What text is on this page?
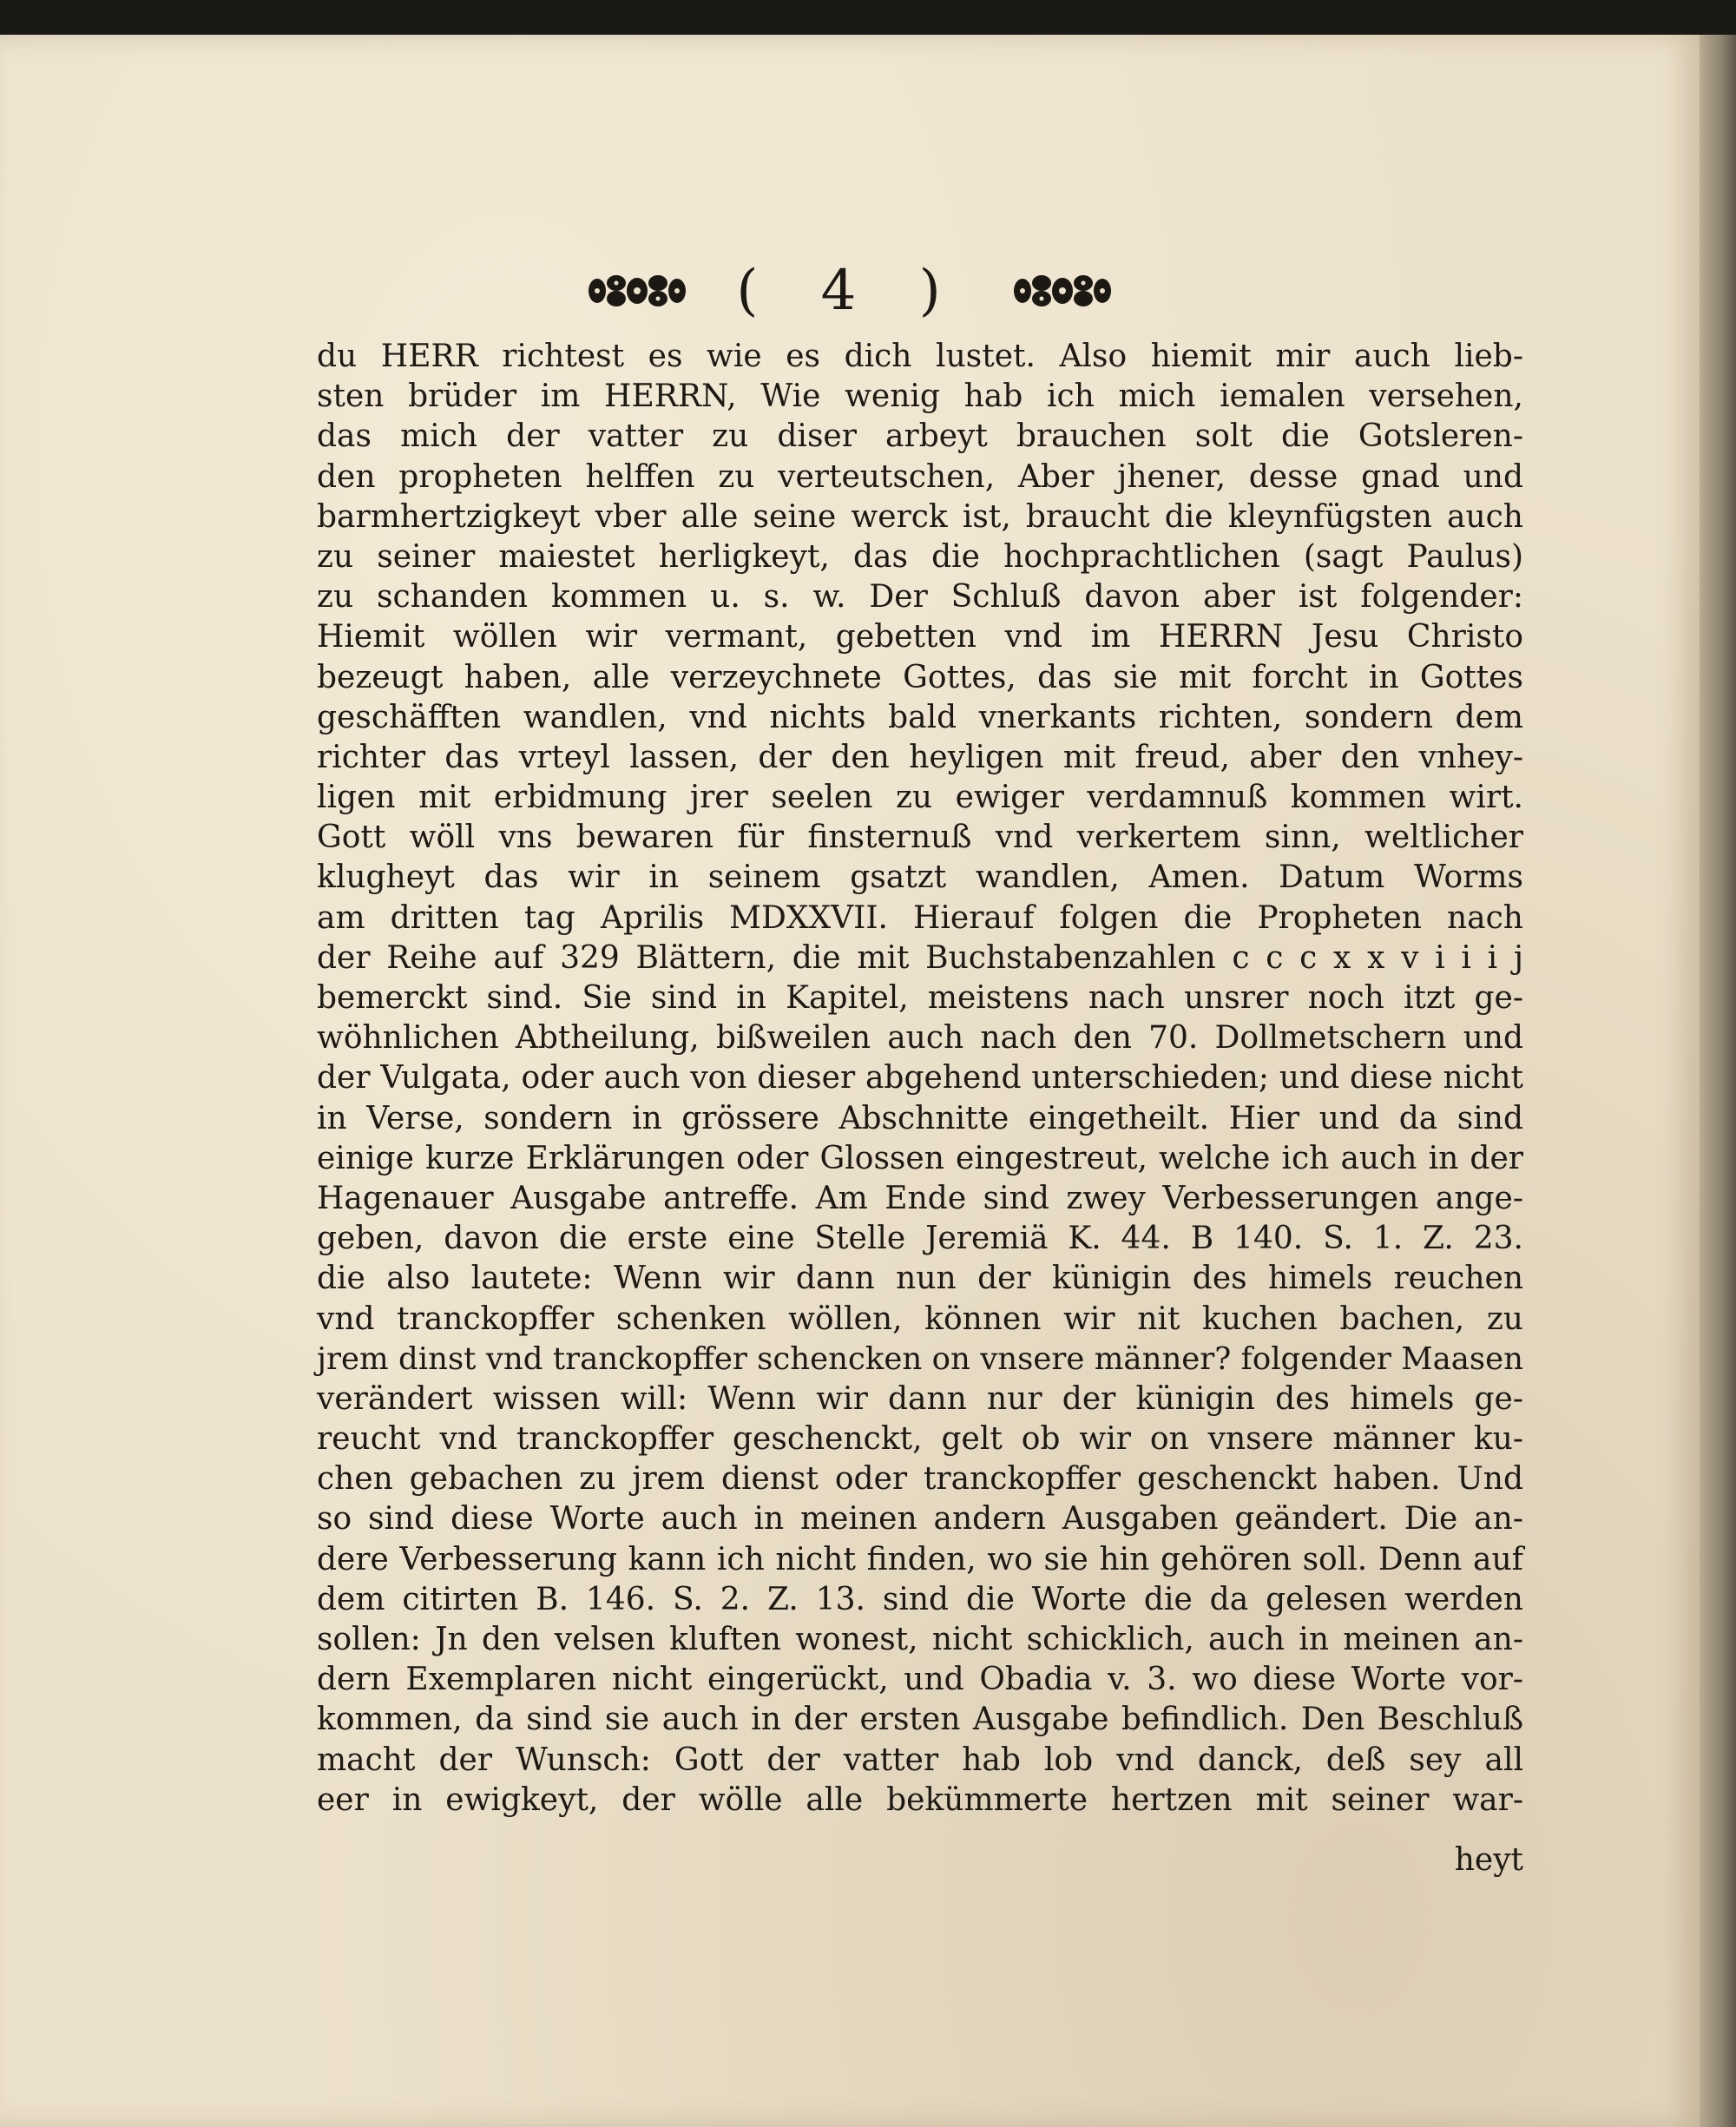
( 4 )
du HERR richtest es wie es dich lustet. Also hiemit mir auch lieb-
sten brüder im HERRN, Wie wenig hab ich mich iemalen versehen,
das mich der vatter zu diser arbeyt brauchen solt die Gotsleren-
den propheten helffen zu verteutschen, Aber jhener, desse gnad und
barmhertzigkeyt vber alle seine werck ist, braucht die kleynfügsten auch
zu seiner maiestet herligkeyt, das die hochprachtlichen (sagt Paulus)
zu schanden kommen u. s. w. Der Schluß davon aber ist folgender:
Hiemit wöllen wir vermant, gebetten vnd im HERRN Jesu Christo
bezeugt haben, alle verzeychnete Gottes, das sie mit forcht in Gottes
geschäfften wandlen, vnd nichts bald vnerkants richten, sondern dem
richter das vrteyl lassen, der den heyligen mit freud, aber den vnhey-
ligen mit erbidmung jrer seelen zu ewiger verdamnuß kommen wirt.
Gott wöll vns bewaren für finsternuß vnd verkertem sinn, weltlicher
klugheyt das wir in seinem gsatzt wandlen, Amen. Datum Worms
am dritten tag Aprilis MDXXVII. Hierauf folgen die Propheten nach
der Reihe auf 329 Blättern, die mit Buchstabenzahlen c c c x x v i i i j
bemerckt sind. Sie sind in Kapitel, meistens nach unsrer noch itzt ge-
wöhnlichen Abtheilung, bißweilen auch nach den 70. Dollmetschern und
der Vulgata, oder auch von dieser abgehend unterschieden; und diese nicht
in Verse, sondern in grössere Abschnitte eingetheilt. Hier und da sind
einige kurze Erklärungen oder Glossen eingestreut, welche ich auch in der
Hagenauer Ausgabe antreffe. Am Ende sind zwey Verbesserungen ange-
geben, davon die erste eine Stelle Jeremiä K. 44. B 140. S. 1. Z. 23.
die also lautete: Wenn wir dann nun der künigin des himels reuchen
vnd tranckopffer schenken wöllen, können wir nit kuchen bachen, zu
jrem dinst vnd tranckopffer schencken on vnsere männer? folgender Maasen
verändert wissen will: Wenn wir dann nur der künigin des himels ge-
reucht vnd tranckopffer geschenckt, gelt ob wir on vnsere männer ku-
chen gebachen zu jrem dienst oder tranckopffer geschenckt haben. Und
so sind diese Worte auch in meinen andern Ausgaben geändert. Die an-
dere Verbesserung kann ich nicht finden, wo sie hin gehören soll. Denn auf
dem citirten B. 146. S. 2. Z. 13. sind die Worte die da gelesen werden
sollen: Jn den velsen kluften wonest, nicht schicklich, auch in meinen an-
dern Exemplaren nicht eingerückt, und Obadia v. 3. wo diese Worte vor-
kommen, da sind sie auch in der ersten Ausgabe befindlich. Den Beschluß
macht der Wunsch: Gott der vatter hab lob vnd danck, deß sey all
eer in ewigkeyt, der wölle alle bekümmerte hertzen mit seiner war-
heyt
